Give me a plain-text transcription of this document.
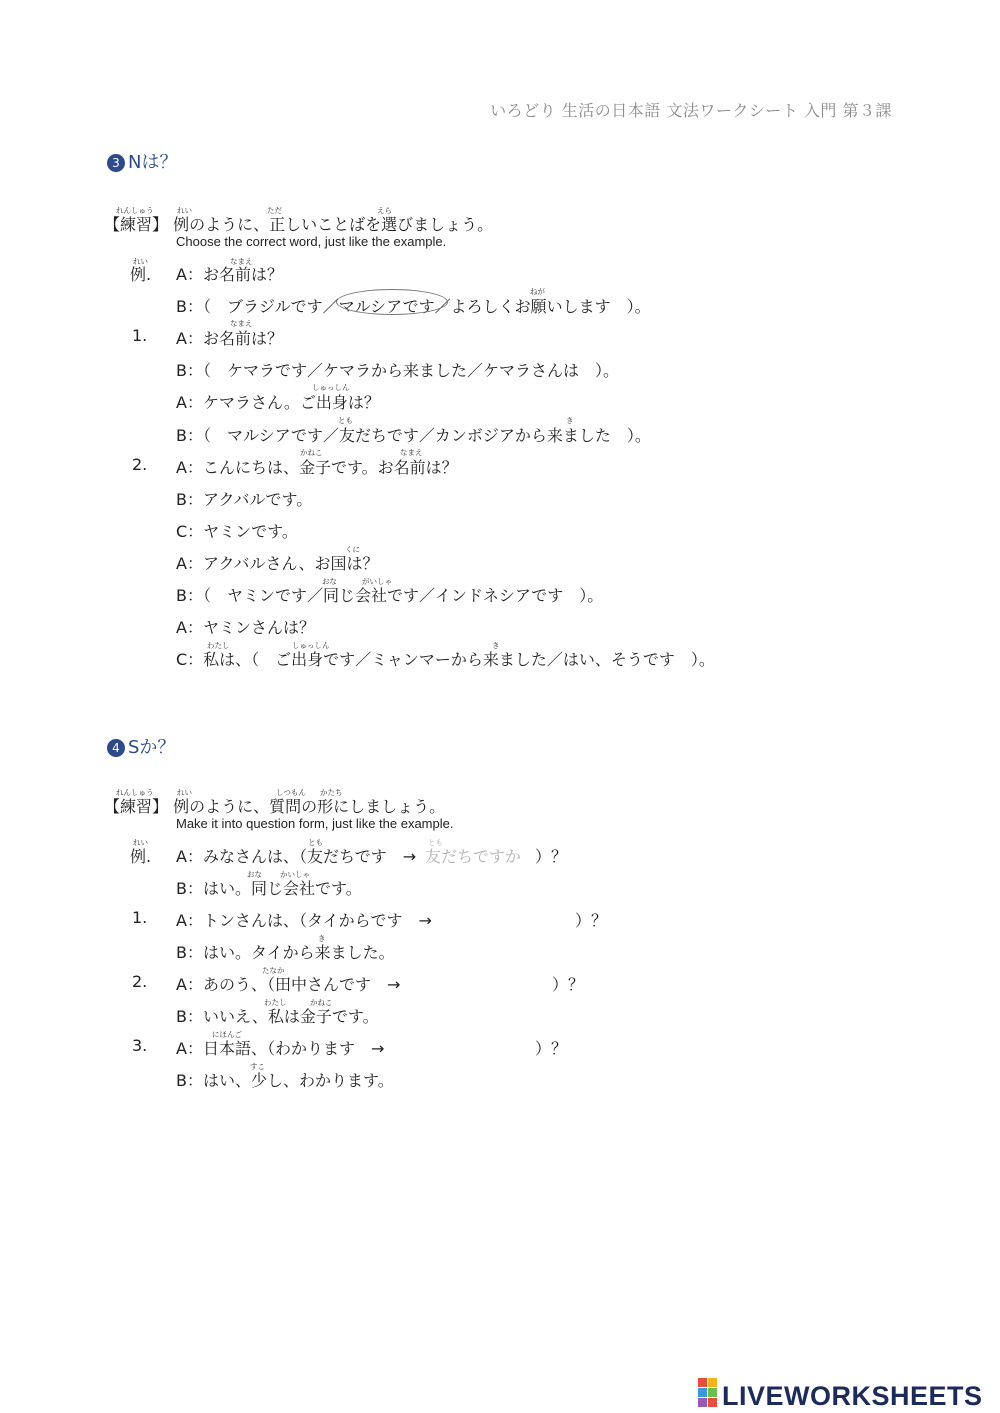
いろどり 生活の日本語 文法ワークシート 入門 第３課
3 Nは？
れんしゅう	れい	ただ	えら
【練習】 例のように、正しいことばを選びましょう。
Choose the correct word, just like the example.
れい	なまえ
例. A：お名前は？
ねが
B：（　ブラジルです／マルシアです／よろしくお願いします　）。
なまえ
1. A：お名前は？
B：（　ケマラです／ケマラから来ました／ケマラさんは　）。
しゅっしん
A：ケマラさん。ご出身は？
とも	き
B：（　マルシアです／友だちです／カンボジアから来ました　）。
かねこ	なまえ
2. A：こんにちは、金子です。お名前は？
B：アクバルです。
C：ヤミンです。
くに
A：アクバルさん、お国は？
おな	がいしゃ
B：（　ヤミンです／同じ会社です／インドネシアです　）。
A：ヤミンさんは？
わたし	しゅっしん	き
C：私は、（　ご出身です／ミャンマーから来ました／はい、そうです　）。
4 Sか？
れんしゅう	れい	しつもん かたち
【練習】 例のように、質問の形にしましょう。
Make it into question form, just like the example.
れい	とも	とも
例. A：みなさんは、（友だちです　→ 友だちですか ）？
おな かいしゃ
B：はい。同じ会社です。
1. A：トンさんは、（タイからです　→	）？
き
B：はい。タイから来ました。
たなか
2. A：あのう、（田中さんです　→	）？
わたし	かねこ
B：いいえ、私は金子です。
にほんご
3. A：日本語、（わかります　→	）？
すこ
B：はい、少し、わかります。
LIVEWORKSHEETS
